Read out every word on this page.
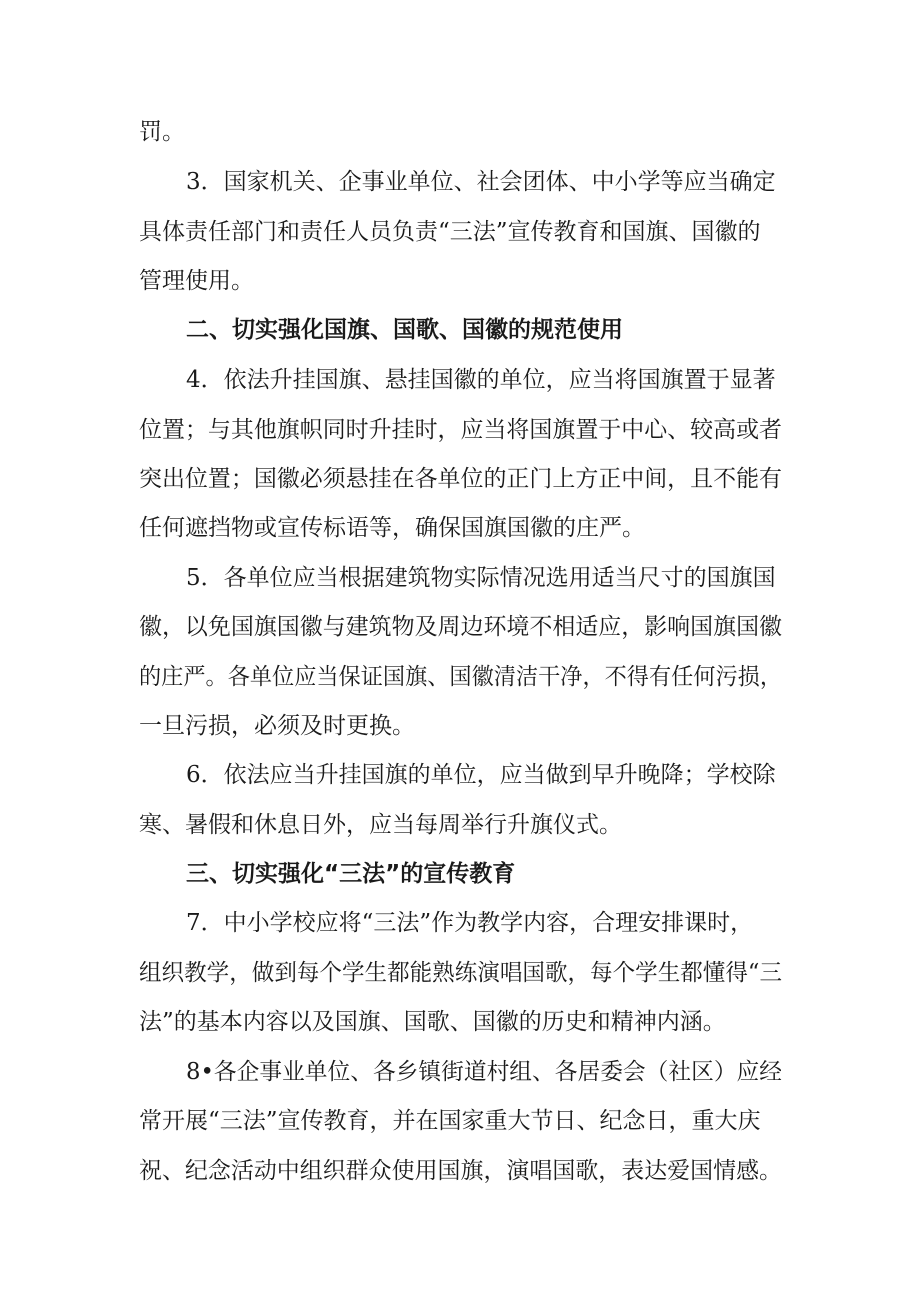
罚。
3．国家机关、企事业单位、社会团体、中小学等应当确定
具体责任部门和责任人员负责“三法”宣传教育和国旗、国徽的
管理使用。
二、切实强化国旗、国歌、国徽的规范使用
4．依法升挂国旗、悬挂国徽的单位，应当将国旗置于显著
位置；与其他旗帜同时升挂时，应当将国旗置于中心、较高或者
突出位置；国徽必须悬挂在各单位的正门上方正中间，且不能有
任何遮挡物或宣传标语等，确保国旗国徽的庄严。
5．各单位应当根据建筑物实际情况选用适当尺寸的国旗国
徽，以免国旗国徽与建筑物及周边环境不相适应，影响国旗国徽
的庄严。各单位应当保证国旗、国徽清洁干净，不得有任何污损，
一旦污损，必须及时更换。
6．依法应当升挂国旗的单位，应当做到早升晚降；学校除
寒、暑假和休息日外，应当每周举行升旗仪式。
三、切实强化“三法”的宣传教育
7．中小学校应将“三法”作为教学内容，合理安排课时，
组织教学，做到每个学生都能熟练演唱国歌，每个学生都懂得“三
法”的基本内容以及国旗、国歌、国徽的历史和精神内涵。
8•各企事业单位、各乡镇街道村组、各居委会（社区）应经
常开展“三法”宣传教育，并在国家重大节日、纪念日，重大庆
祝、纪念活动中组织群众使用国旗，演唱国歌，表达爱国情感。
